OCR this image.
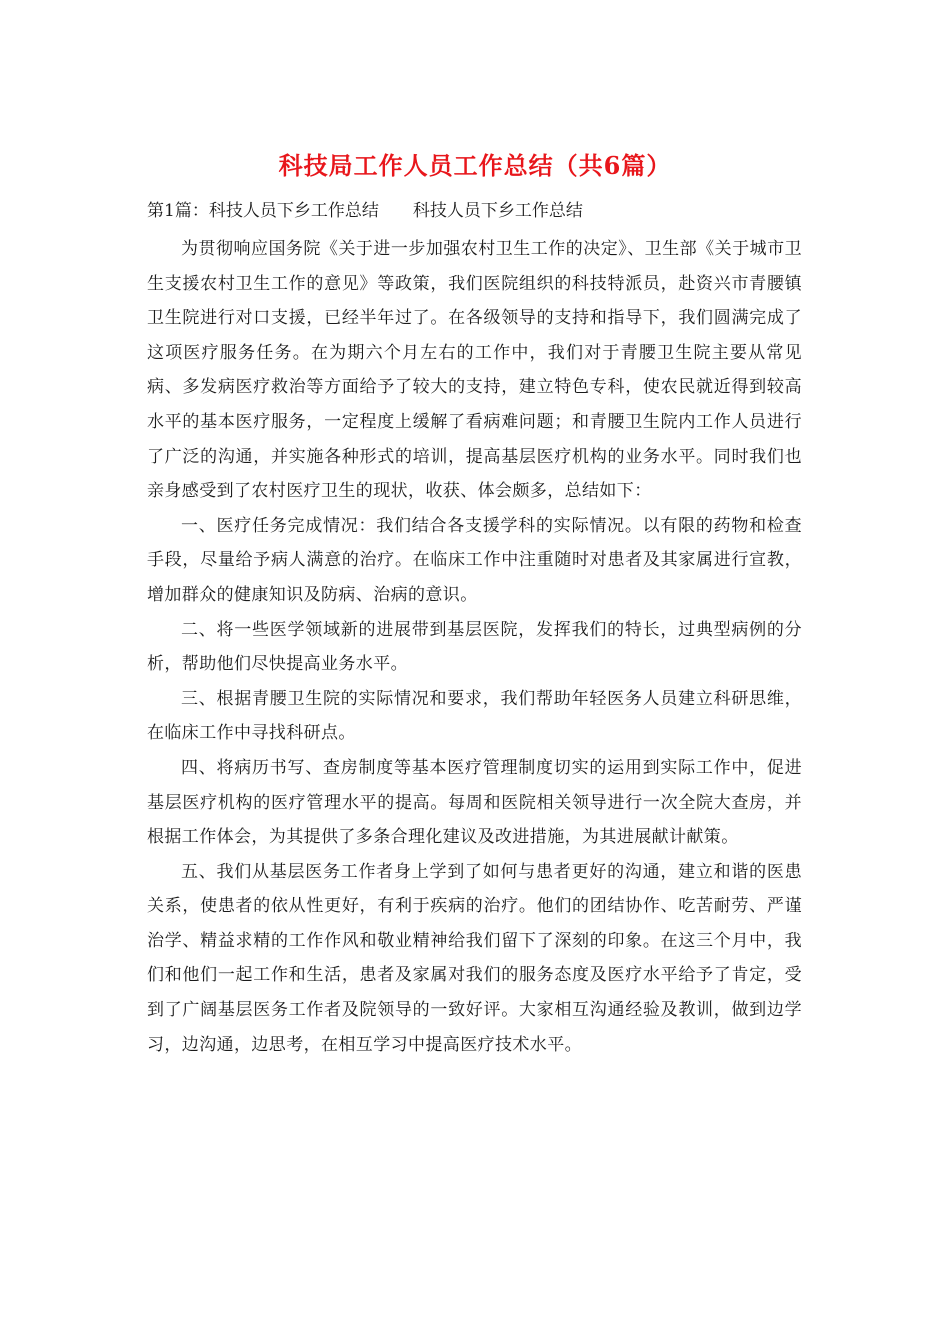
科技局工作人员工作总结（共6篇）
第1篇：科技人员下乡工作总结 科技人员下乡工作总结

为贯彻响应国务院《关于进一步加强农村卫生工作的决定》、卫生部《关于城市卫生支援农村卫生工作的意见》等政策，我们医院组织的科技特派员，赴资兴市青腰镇卫生院进行对口支援，已经半年过了。在各级领导的支持和指导下，我们圆满完成了这项医疗服务任务。在为期六个月左右的工作中，我们对于青腰卫生院主要从常见病、多发病医疗救治等方面给予了较大的支持，建立特色专科，使农民就近得到较高水平的基本医疗服务，一定程度上缓解了看病难问题；和青腰卫生院内工作人员进行了广泛的沟通，并实施各种形式的培训，提高基层医疗机构的业务水平。同时我们也亲身感受到了农村医疗卫生的现状，收获、体会颇多，总结如下：

一、医疗任务完成情况：我们结合各支援学科的实际情况。以有限的药物和检查手段，尽量给予病人满意的治疗。在临床工作中注重随时对患者及其家属进行宣教，增加群众的健康知识及防病、治病的意识。

二、将一些医学领域新的进展带到基层医院，发挥我们的特长，过典型病例的分析，帮助他们尽快提高业务水平。

三、根据青腰卫生院的实际情况和要求，我们帮助年轻医务人员建立科研思维，在临床工作中寻找科研点。

四、将病历书写、查房制度等基本医疗管理制度切实的运用到实际工作中，促进基层医疗机构的医疗管理水平的提高。每周和医院相关领导进行一次全院大查房，并根据工作体会，为其提供了多条合理化建议及改进措施，为其进展献计献策。

五、我们从基层医务工作者身上学到了如何与患者更好的沟通，建立和谐的医患关系，使患者的依从性更好，有利于疾病的治疗。他们的团结协作、吃苦耐劳、严谨治学、精益求精的工作作风和敬业精神给我们留下了深刻的印象。在这三个月中，我们和他们一起工作和生活，患者及家属对我们的服务态度及医疗水平给予了肯定，受到了广阔基层医务工作者及院领导的一致好评。大家相互沟通经验及教训，做到边学习，边沟通，边思考，在相互学习中提高医疗技术水平。
